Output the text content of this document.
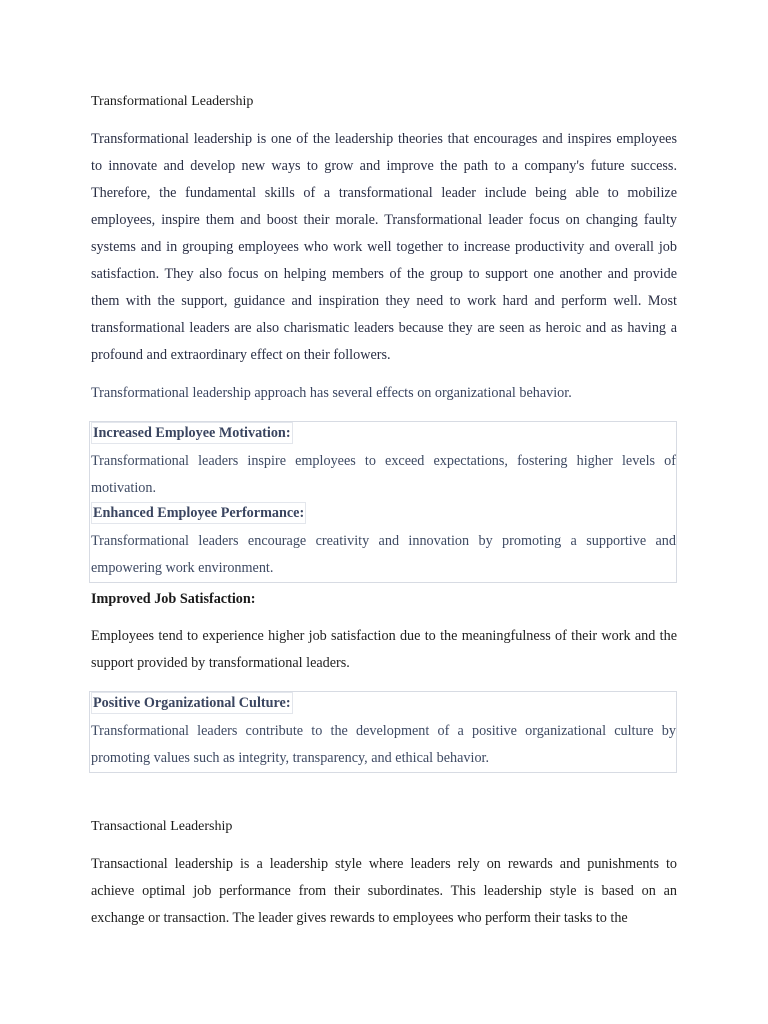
Transformational Leadership

Transformational leadership is one of the leadership theories that encourages and inspires employees to innovate and develop new ways to grow and improve the path to a company's future success. Therefore, the fundamental skills of a transformational leader include being able to mobilize employees, inspire them and boost their morale. Transformational leader focus on changing faulty systems and in grouping employees who work well together to increase productivity and overall job satisfaction. They also focus on helping members of the group to support one another and provide them with the support, guidance and inspiration they need to work hard and perform well. Most transformational leaders are also charismatic leaders because they are seen as heroic and as having a profound and extraordinary effect on their followers.

Transformational leadership approach has several effects on organizational behavior.
Increased Employee Motivation:

Transformational leaders inspire employees to exceed expectations, fostering higher levels of motivation.

Enhanced Employee Performance:

Transformational leaders encourage creativity and innovation by promoting a supportive and empowering work environment.

Improved Job Satisfaction:

Employees tend to experience higher job satisfaction due to the meaningfulness of their work and the support provided by transformational leaders.

Positive Organizational Culture:

Transformational leaders contribute to the development of a positive organizational culture by promoting values such as integrity, transparency, and ethical behavior.

Transactional Leadership

Transactional leadership is a leadership style where leaders rely on rewards and punishments to achieve optimal job performance from their subordinates. This leadership style is based on an exchange or transaction. The leader gives rewards to employees who perform their tasks to the
